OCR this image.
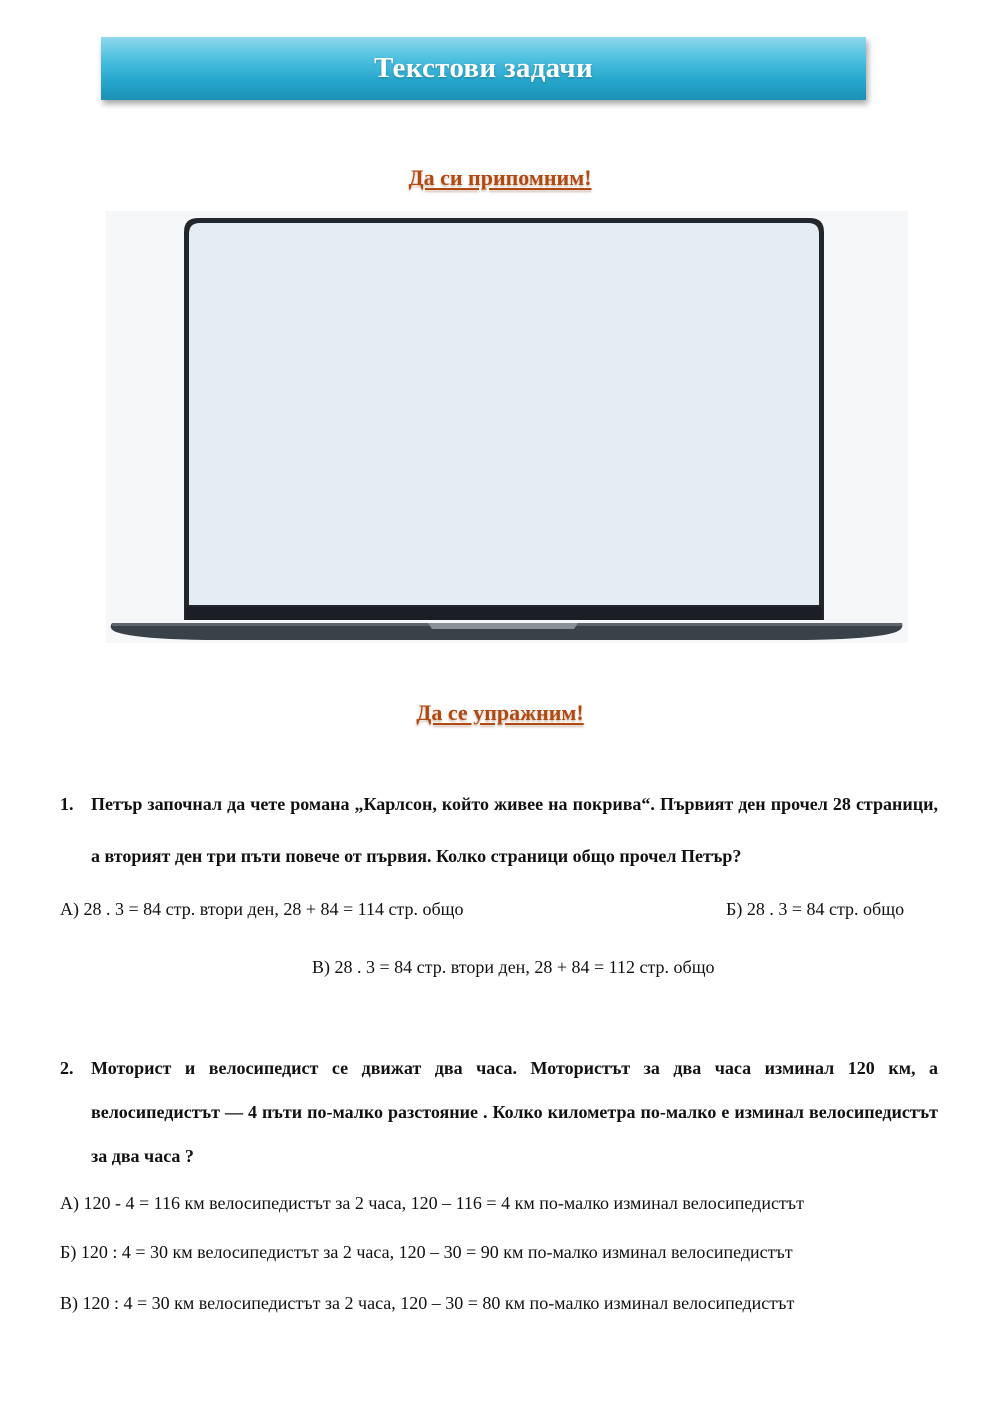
Текстови задачи
Да си припомним!
Да се упражним!
1. Петър започнал да чете романа „Карлсон, който живее на покрива“. Първият ден прочел 28 страници, а вторият ден три пъти повече от първия. Колко страници общо прочел Петър?
А) 28 . 3 = 84 стр. втори ден, 28 + 84 = 114 стр. общо	Б) 28 . 3 = 84 стр. общо
В) 28 . 3 = 84 стр. втори ден, 28 + 84 = 112 стр. общо
2. Моторист и велосипедист се движат два часа. Мотористът за два часа изминал 120 км, а велосипедистът — 4 пъти по-малко разстояние . Колко километра по-малко е изминал велосипедистът за два часа ?
А) 120 - 4 = 116 км велосипедистът за 2 часа, 120 – 116 = 4 км по-малко изминал велосипедистът
Б) 120 : 4 = 30 км велосипедистът за 2 часа, 120 – 30 = 90 км по-малко изминал велосипедистът
В) 120 : 4 = 30 км велосипедистът за 2 часа, 120 – 30 = 80 км по-малко изминал велосипедистът
